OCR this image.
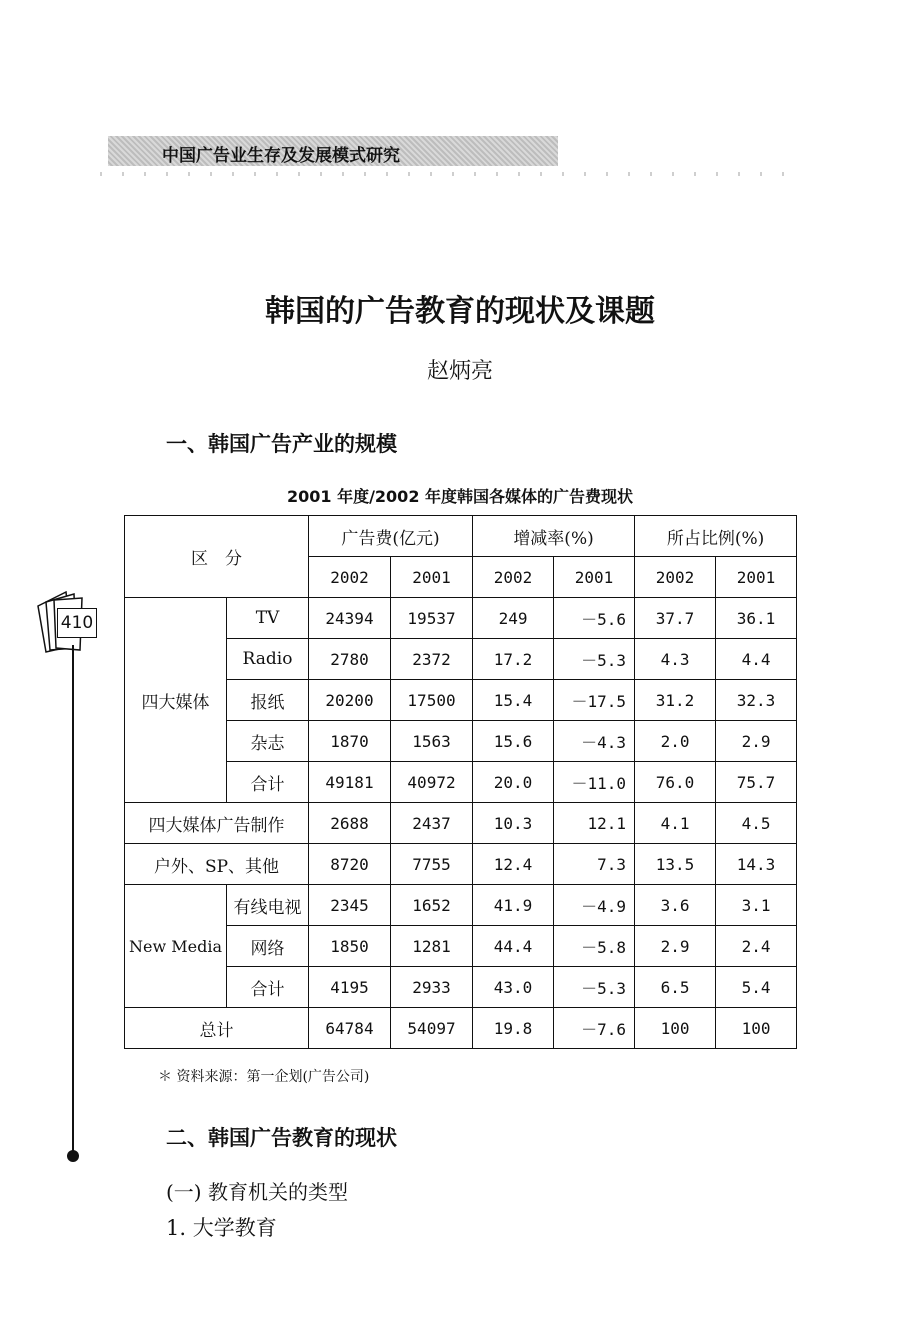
中国广告业生存及发展模式研究
410
韩国的广告教育的现状及课题
赵炳亮
一、韩国广告产业的规模
2001 年度/2002 年度韩国各媒体的广告费现状
区　分		广告费(亿元)		增减率(%)		所占比例(%)	
		2002	2001	2002	2001	2002	2001
四大媒体	TV	24394	19537	249	－5.6	37.7	36.1
	Radio	2780	2372	17.2	－5.3	4.3	4.4
	报纸	20200	17500	15.4	－17.5	31.2	32.3
	杂志	1870	1563	15.6	－4.3	2.0	2.9
	合计	49181	40972	20.0	－11.0	76.0	75.7
四大媒体广告制作		2688	2437	10.3	12.1	4.1	4.5
户外、SP、其他		8720	7755	12.4	7.3	13.5	14.3
New Media	有线电视	2345	1652	41.9	－4.9	3.6	3.1
	网络	1850	1281	44.4	－5.8	2.9	2.4
	合计	4195	2933	43.0	－5.3	6.5	5.4
总计		64784	54097	19.8	－7.6	100	100
＊ 资料来源：第一企划(广告公司)
二、韩国广告教育的现状
(一) 教育机关的类型
1. 大学教育
